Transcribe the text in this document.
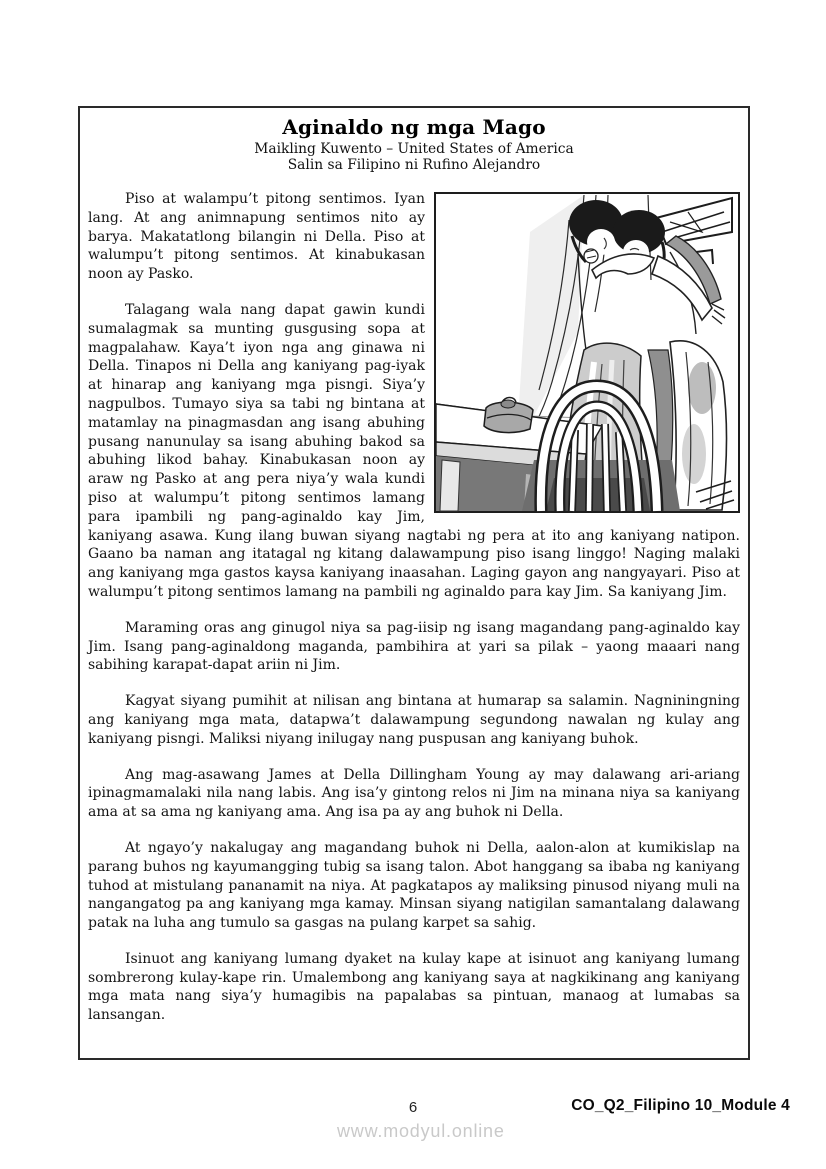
Aginaldo ng mga Mago
Maikling Kuwento – United States of America
Salin sa Filipino ni Rufino Alejandro

Piso at walampu’t pitong sentimos. Iyan lang. At ang animnapung sentimos nito ay barya. Makatatlong bilangin ni Della. Piso at walumpu’t pitong sentimos. At kinabukasan noon ay Pasko.

Talagang wala nang dapat gawin kundi sumalagmak sa munting gusgusing sopa at magpalahaw. Kaya’t iyon nga ang ginawa ni Della. Tinapos ni Della ang kaniyang pag-iyak at hinarap ang kaniyang mga pisngi. Siya’y nagpulbos. Tumayo siya sa tabi ng bintana at matamlay na pinagmasdan ang isang abuhing pusang nanunulay sa isang abuhing bakod sa abuhing likod bahay. Kinabukasan noon ay araw ng Pasko at ang pera niya’y wala kundi piso at walumpu’t pitong sentimos lamang para ipambili ng pang-aginaldo kay Jim, kaniyang asawa. Kung ilang buwan siyang nagtabi ng pera at ito ang kaniyang natipon. Gaano ba naman ang itatagal ng kitang dalawampung piso isang linggo! Naging malaki ang kaniyang mga gastos kaysa kaniyang inaasahan. Laging gayon ang nangyayari. Piso at walumpu’t pitong sentimos lamang na pambili ng aginaldo para kay Jim. Sa kaniyang Jim.

Maraming oras ang ginugol niya sa pag-iisip ng isang magandang pang-aginaldo kay Jim. Isang pang-aginaldong maganda, pambihira at yari sa pilak – yaong maaari nang sabihing karapat-dapat ariin ni Jim.

Kagyat siyang pumihit at nilisan ang bintana at humarap sa salamin. Nagniningning ang kaniyang mga mata, datapwa’t dalawampung segundong nawalan ng kulay ang kaniyang pisngi. Maliksi niyang inilugay nang puspusan ang kaniyang buhok.

Ang mag-asawang James at Della Dillingham Young ay may dalawang ari-ariang ipinagmamalaki nila nang labis. Ang isa’y gintong relos ni Jim na minana niya sa kaniyang ama at sa ama ng kaniyang ama. Ang isa pa ay ang buhok ni Della.

At ngayo’y nakalugay ang magandang buhok ni Della, aalon-alon at kumikislap na parang buhos ng kayumangging tubig sa isang talon. Abot hanggang sa ibaba ng kaniyang tuhod at mistulang pananamit na niya. At pagkatapos ay maliksing pinusod niyang muli na nangangatog pa ang kaniyang mga kamay. Minsan siyang natigilan samantalang dalawang patak na luha ang tumulo sa gasgas na pulang karpet sa sahig.

Isinuot ang kaniyang lumang dyaket na kulay kape at isinuot ang kaniyang lumang sombrerong kulay-kape rin. Umalembong ang kaniyang saya at nagkikinang ang kaniyang mga mata nang siya’y humagibis na papalabas sa pintuan, manaog at lumabas sa lansangan.

6	CO_Q2_Filipino 10_Module 4
www.modyul.online
